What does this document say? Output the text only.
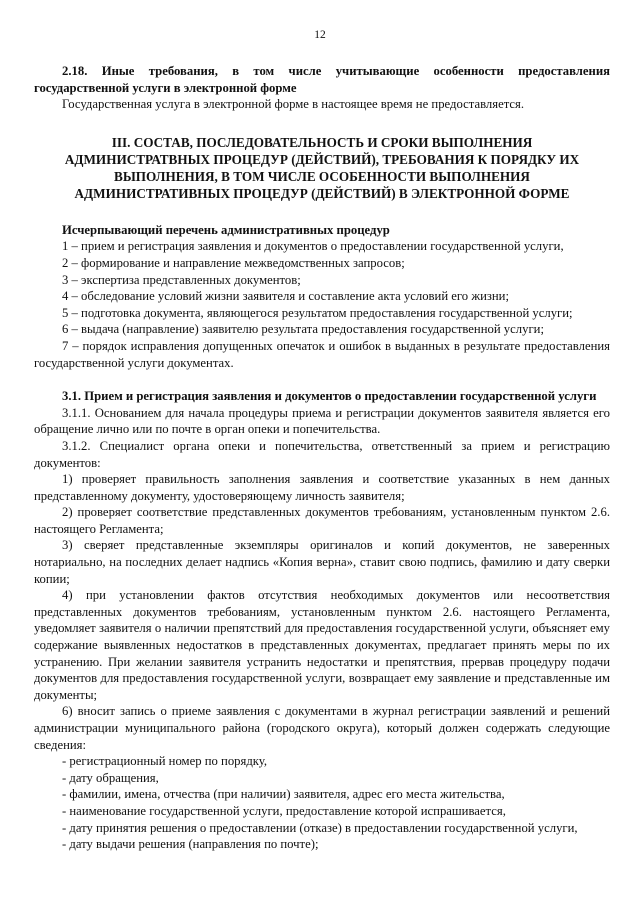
12

2.18. Иные требования, в том числе учитывающие особенности предоставления государственной услуги в электронной форме

Государственная услуга в электронной форме в настоящее время не предоставляется.

III. СОСТАВ, ПОСЛЕДОВАТЕЛЬНОСТЬ И СРОКИ ВЫПОЛНЕНИЯ АДМИНИСТРАТВНЫХ ПРОЦЕДУР (ДЕЙСТВИЙ), ТРЕБОВАНИЯ К ПОРЯДКУ ИХ ВЫПОЛНЕНИЯ, В ТОМ ЧИСЛЕ ОСОБЕННОСТИ ВЫПОЛНЕНИЯ АДМИНИСТРАТИВНЫХ ПРОЦЕДУР (ДЕЙСТВИЙ) В ЭЛЕКТРОННОЙ ФОРМЕ

Исчерпывающий перечень административных процедур

1 – прием и регистрация заявления и документов о предоставлении государственной услуги,

2 – формирование и направление межведомственных запросов;

3 – экспертиза представленных документов;

4 – обследование условий жизни заявителя и составление акта условий его жизни;

5 – подготовка документа, являющегося результатом предоставления государственной услуги;

6 – выдача (направление) заявителю результата предоставления государственной услуги;

7 – порядок исправления допущенных опечаток и ошибок в выданных в результате предоставления государственной услуги документах.

3.1. Прием и регистрация заявления и документов о предоставлении государственной услуги

3.1.1. Основанием для начала процедуры приема и регистрации документов заявителя является его обращение лично или по почте в орган опеки и попечительства.

3.1.2. Специалист органа опеки и попечительства, ответственный за прием и регистрацию документов:

1) проверяет правильность заполнения заявления и соответствие указанных в нем данных представленному документу, удостоверяющему личность заявителя;

2) проверяет соответствие представленных документов требованиям, установленным пунктом 2.6. настоящего Регламента;

3) сверяет представленные экземпляры оригиналов и копий документов, не заверенных нотариально, на последних делает надпись «Копия верна», ставит свою подпись, фамилию и дату сверки копии;

4) при установлении фактов отсутствия необходимых документов или несоответствия представленных документов требованиям, установленным пунктом 2.6. настоящего Регламента, уведомляет заявителя о наличии препятствий для предоставления государственной услуги, объясняет ему содержание выявленных недостатков в представленных документах, предлагает принять меры по их устранению. При желании заявителя устранить недостатки и препятствия, прервав процедуру подачи документов для предоставления государственной услуги, возвращает ему заявление и представленные им документы;

6) вносит запись о приеме заявления с документами в журнал регистрации заявлений и решений администрации муниципального района (городского округа), который должен содержать следующие сведения:

- регистрационный номер по порядку,

- дату обращения,

- фамилии, имена, отчества (при наличии) заявителя, адрес его места жительства,

- наименование государственной услуги, предоставление которой испрашивается,

- дату принятия решения о предоставлении (отказе) в предоставлении государственной услуги,

- дату выдачи решения (направления по почте);
